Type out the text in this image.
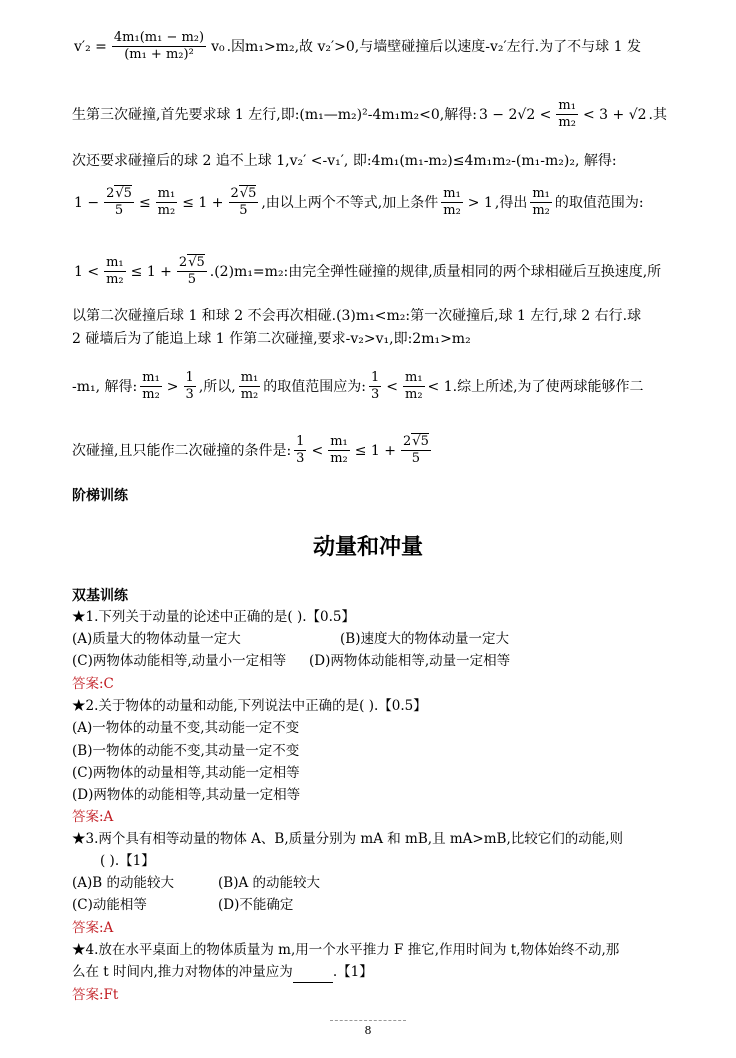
$v'_2 = \frac{\text{4m₁(m₁ − m₂)}}{\text{(m₁ + m₂)²}} v_0$ .因m₁>m₂,故 v₂′>0,与墙壁碰撞后以速度-v₂′左行.为了不与球 1 发
生第三次碰撞,首先要求球 1 左行,即:(m₁—m₂)²-4m₁m₂<0,解得: $3 - 2√2 < \frac{\text{m₁}}{\text{m₂}} < 3 + √2$ .其
次还要求碰撞后的球 2 追不上球 1,v₂′ <-v₁′, 即:4m₁(m₁-m₂)≤4m₁m₂-(m₁-m₂)₂, 解得:
$1 - \frac{2√5}{5} \le \frac{\text{m₁}}{\text{m₂}} \le 1 + \frac{2√5}{5}$ ,由以上两个不等式,加上条件 $\frac{\text{m₁}}{\text{m₂}} > 1$ ,得出 $\frac{\text{m₁}}{\text{m₂}}$ 的取值范围为:
$1 < \frac{\text{m₁}}{\text{m₂}} \le 1 + \frac{2√5}{5} .(2)m_1=m_2$:由完全弹性碰撞的规律,质量相同的两个球相碰后互换速度,所
以第二次碰撞后球 1 和球 2 不会再次相碰.(3)m₁<m₂:第一次碰撞后,球 1 左行,球 2 右行.球
2 碰墙后为了能追上球 1 作第二次碰撞,要求-v₂>v₁,即:2m₁>m₂
-m₁, 解得: $\frac{\text{m₁}}{\text{m₂}} > \frac{1}{3}$ ,所以, $\frac{\text{m₁}}{\text{m₂}}$ 的取值范围应为: $\frac{1}{3} < \frac{\text{m₁}}{\text{m₂}} < 1$.综上所述,为了使两球能够作二
次碰撞,且只能作二次碰撞的条件是: $\frac{1}{3} < \frac{\text{m₁}}{\text{m₂}} \le 1 + \frac{2√5}{5}$
阶梯训练
动量和冲量
双基训练
★1.下列关于动量的论述中正确的是( ).【0.5】
(A)质量大的物体动量一定大	(B)速度大的物体动量一定大
(C)两物体动能相等,动量小一定相等	(D)两物体动能相等,动量一定相等
答案:C
★2.关于物体的动量和动能,下列说法中正确的是( ).【0.5】
(A)一物体的动量不变,其动能一定不变
(B)一物体的动能不变,其动量一定不变
(C)两物体的动量相等,其动能一定相等
(D)两物体的动能相等,其动量一定相等
答案:A
★3.两个具有相等动量的物体 A、B,质量分别为 mA 和 mB,且 mA>mB,比较它们的动能,则
( ).【1】
(A)B 的动能较大	(B)A 的动能较大
(C)动能相等	(D)不能确定
答案:A
★4.放在水平桌面上的物体质量为 m,用一个水平推力 F 推它,作用时间为 t,物体始终不动,那
么在 t 时间内,推力对物体的冲量应为	.【1】
答案:Ft
8
